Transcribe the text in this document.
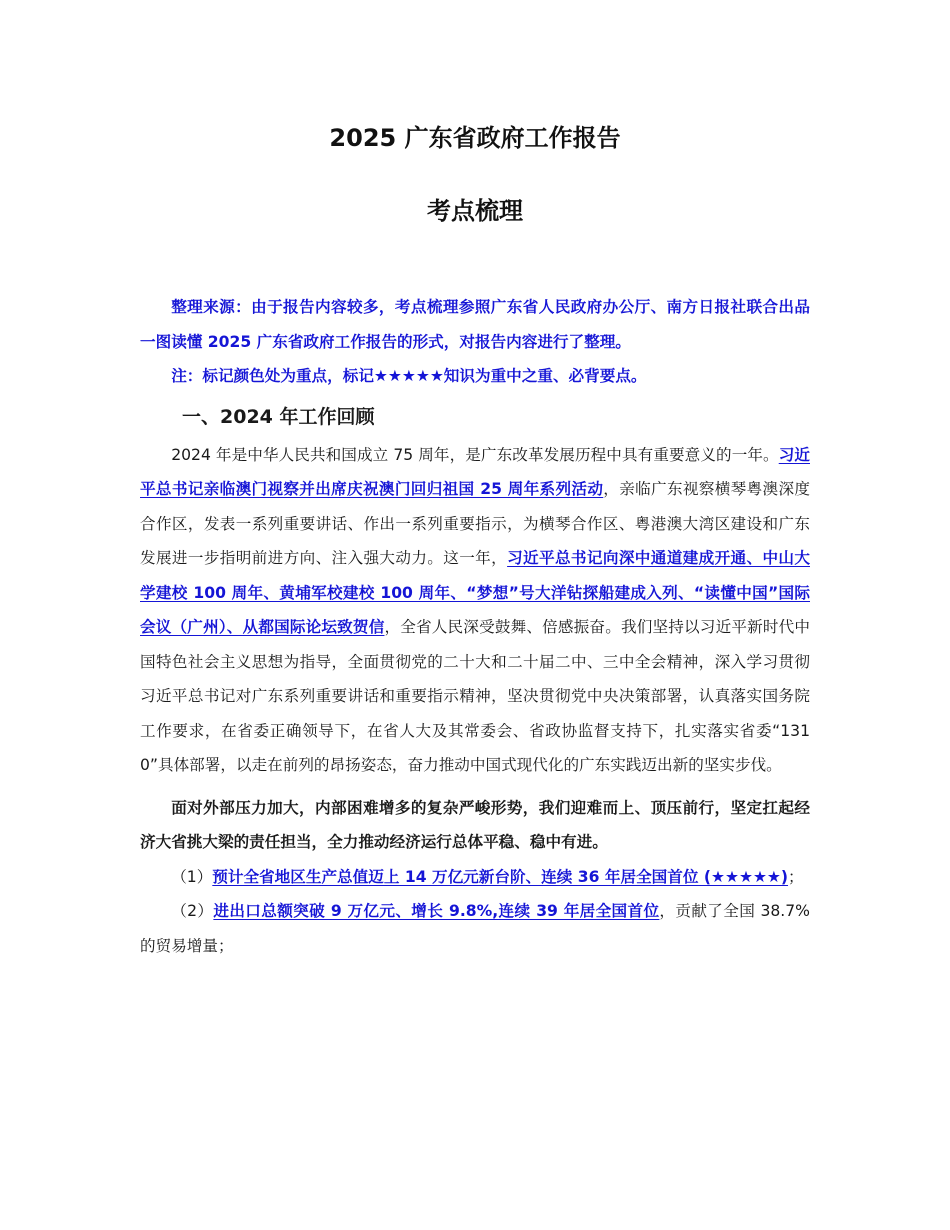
2025 广东省政府工作报告
考点梳理

整理来源：由于报告内容较多，考点梳理参照广东省人民政府办公厅、南方日报社联合出品一图读懂 2025 广东省政府工作报告的形式，对报告内容进行了整理。

注：标记颜色处为重点，标记★★★★★知识为重中之重、必背要点。

一、2024 年工作回顾

2024 年是中华人民共和国成立 75 周年，是广东改革发展历程中具有重要意义的一年。习近平总书记亲临澳门视察并出席庆祝澳门回归祖国 25 周年系列活动，亲临广东视察横琴粤澳深度合作区，发表一系列重要讲话、作出一系列重要指示，为横琴合作区、粤港澳大湾区建设和广东发展进一步指明前进方向、注入强大动力。这一年，习近平总书记向深中通道建成开通、中山大学建校 100 周年、黄埔军校建校 100 周年、“梦想”号大洋钻探船建成入列、“读懂中国”国际会议（广州）、从都国际论坛致贺信，全省人民深受鼓舞、倍感振奋。我们坚持以习近平新时代中国特色社会主义思想为指导，全面贯彻党的二十大和二十届二中、三中全会精神，深入学习贯彻习近平总书记对广东系列重要讲话和重要指示精神，坚决贯彻党中央决策部署，认真落实国务院工作要求，在省委正确领导下，在省人大及其常委会、省政协监督支持下，扎实落实省委“1310”具体部署，以走在前列的昂扬姿态，奋力推动中国式现代化的广东实践迈出新的坚实步伐。

面对外部压力加大，内部困难增多的复杂严峻形势，我们迎难而上、顶压前行，坚定扛起经济大省挑大梁的责任担当，全力推动经济运行总体平稳、稳中有进。

（1）预计全省地区生产总值迈上 14 万亿元新台阶、连续 36 年居全国首位 (★★★★★)；

（2）进出口总额突破 9 万亿元、增长 9.8%,连续 39 年居全国首位，贡献了全国 38.7%的贸易增量；
